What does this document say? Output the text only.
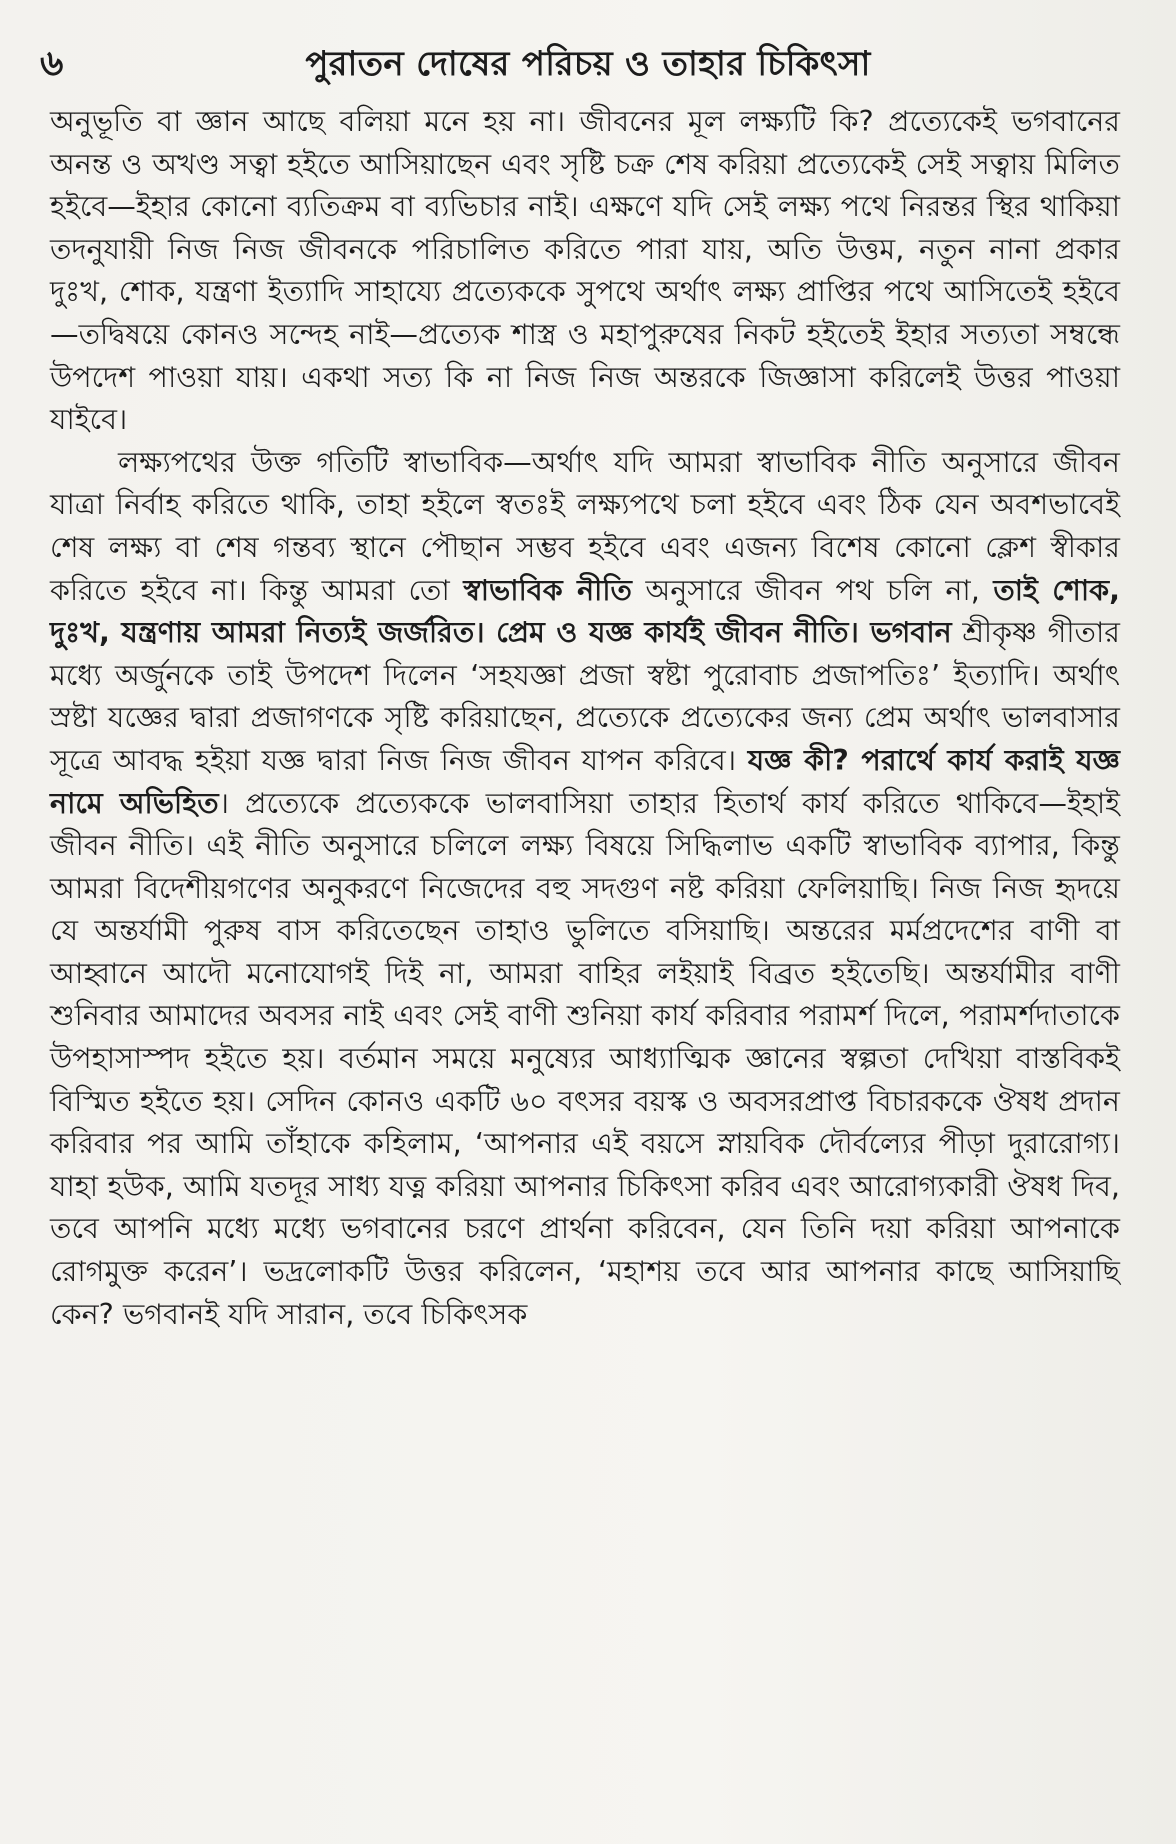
৬	পুরাতন দোষের পরিচয় ও তাহার চিকিৎসা

অনুভূতি বা জ্ঞান আছে বলিয়া মনে হয় না। জীবনের মূল লক্ষ্যটি কি? প্রত্যেকেই ভগবানের অনন্ত ও অখণ্ড সত্বা হইতে আসিয়াছেন এবং সৃষ্টি চক্র শেষ করিয়া প্রত্যেকেই সেই সত্বায় মিলিত হইবে—ইহার কোনো ব্যতিক্রম বা ব্যভিচার নাই। এক্ষণে যদি সেই লক্ষ্য পথে নিরন্তর স্থির থাকিয়া তদনুযায়ী নিজ নিজ জীবনকে পরিচালিত করিতে পারা যায়, অতি উত্তম, নতুন নানা প্রকার দুঃখ, শোক, যন্ত্রণা ইত্যাদি সাহায্যে প্রত্যেককে সুপথে অর্থাৎ লক্ষ্য প্রাপ্তির পথে আসিতেই হইবে—তদ্বিষয়ে কোনও সন্দেহ নাই—প্রত্যেক শাস্ত্র ও মহাপুরুষের নিকট হইতেই ইহার সত্যতা সম্বন্ধে উপদেশ পাওয়া যায়। একথা সত্য কি না নিজ নিজ অন্তরকে জিজ্ঞাসা করিলেই উত্তর পাওয়া যাইবে।

লক্ষ্যপথের উক্ত গতিটি স্বাভাবিক—অর্থাৎ যদি আমরা স্বাভাবিক নীতি অনুসারে জীবন যাত্রা নির্বাহ করিতে থাকি, তাহা হইলে স্বতঃই লক্ষ্যপথে চলা হইবে এবং ঠিক যেন অবশভাবেই শেষ লক্ষ্য বা শেষ গন্তব্য স্থানে পৌছান সম্ভব হইবে এবং এজন্য বিশেষ কোনো ক্লেশ স্বীকার করিতে হইবে না। কিন্তু আমরা তো স্বাভাবিক নীতি অনুসারে জীবন পথ চলি না, তাই শোক, দুঃখ, যন্ত্রণায় আমরা নিত্যই জর্জরিত। প্রেম ও যজ্ঞ কার্যই জীবন নীতি। ভগবান শ্রীকৃষ্ণ গীতার মধ্যে অর্জুনকে তাই উপদেশ দিলেন ‘সহযজ্ঞা প্রজা স্বষ্টা পুরোবাচ প্রজাপতিঃ’ ইত্যাদি। অর্থাৎ স্রষ্টা যজ্ঞের দ্বারা প্রজাগণকে সৃষ্টি করিয়াছেন, প্রত্যেকে প্রত্যেকের জন্য প্রেম অর্থাৎ ভালবাসার সূত্রে আবদ্ধ হইয়া যজ্ঞ দ্বারা নিজ নিজ জীবন যাপন করিবে। যজ্ঞ কী? পরার্থে কার্য করাই যজ্ঞ নামে অভিহিত। প্রত্যেকে প্রত্যেককে ভালবাসিয়া তাহার হিতার্থ কার্য করিতে থাকিবে—ইহাই জীবন নীতি। এই নীতি অনুসারে চলিলে লক্ষ্য বিষয়ে সিদ্ধিলাভ একটি স্বাভাবিক ব্যাপার, কিন্তু আমরা বিদেশীয়গণের অনুকরণে নিজেদের বহু সদগুণ নষ্ট করিয়া ফেলিয়াছি। নিজ নিজ হৃদয়ে যে অন্তর্যামী পুরুষ বাস করিতেছেন তাহাও ভুলিতে বসিয়াছি। অন্তরের মর্মপ্রদেশের বাণী বা আহ্বানে আদৌ মনোযোগই দিই না, আমরা বাহির লইয়াই বিব্রত হইতেছি। অন্তর্যামীর বাণী শুনিবার আমাদের অবসর নাই এবং সেই বাণী শুনিয়া কার্য করিবার পরামর্শ দিলে, পরামর্শদাতাকে উপহাসাস্পদ হইতে হয়। বর্তমান সময়ে মনুষ্যের আধ্যাত্মিক জ্ঞানের স্বল্পতা দেখিয়া বাস্তবিকই বিস্মিত হইতে হয়। সেদিন কোনও একটি ৬০ বৎসর বয়স্ক ও অবসরপ্রাপ্ত বিচারককে ঔষধ প্রদান করিবার পর আমি তাঁহাকে কহিলাম, ‘আপনার এই বয়সে স্নায়বিক দৌর্বল্যের পীড়া দুরারোগ্য। যাহা হউক, আমি যতদূর সাধ্য যত্ন করিয়া আপনার চিকিৎসা করিব এবং আরোগ্যকারী ঔষধ দিব, তবে আপনি মধ্যে মধ্যে ভগবানের চরণে প্রার্থনা করিবেন, যেন তিনি দয়া করিয়া আপনাকে রোগমুক্ত করেন’। ভদ্রলোকটি উত্তর করিলেন, ‘মহাশয় তবে আর আপনার কাছে আসিয়াছি কেন? ভগবানই যদি সারান, তবে চিকিৎসক
